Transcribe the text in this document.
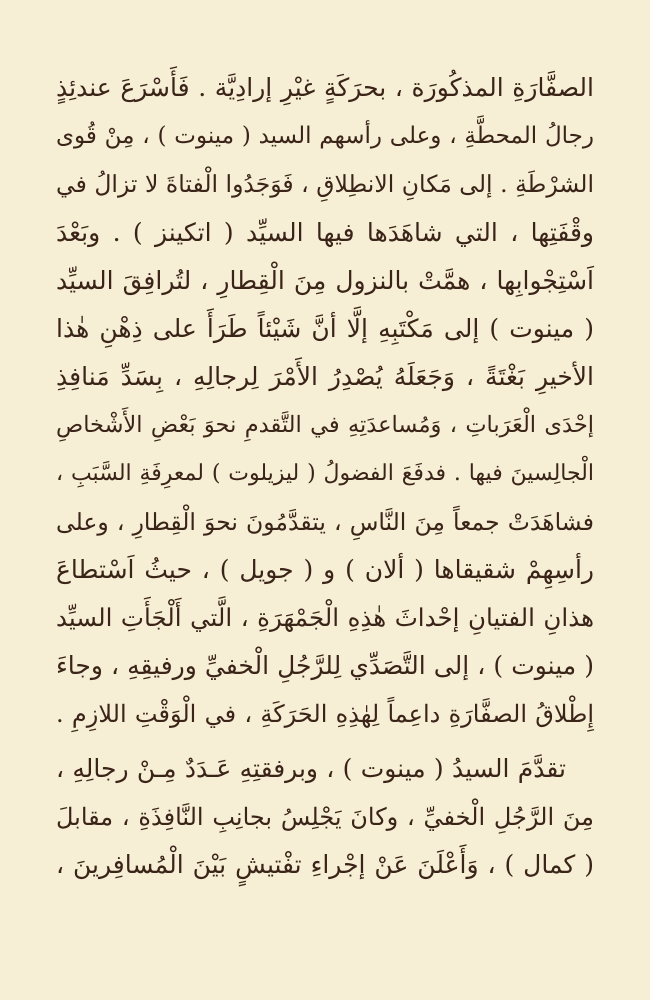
الصفَّارَةِ المذكُورَة ، بحرَكَةٍ غيْرِ إرادِيَّة . فَأَسْرَعَ عندئِذٍ
رجالُ المحطَّةِ ، وعلى رأسهم السيد ( مينوت ) ، مِنْ قُوى
الشرْطَةِ . إلى مَكانِ الانطِلاقِ ، فَوَجَدُوا الْفتاةَ لا تزالُ في
وقْفَتِها ، التي شاهَدَها فيها السيِّد ( اتكينز ) . وبَعْدَ
اَسْتِجْوابِها ، همَّتْ بالنزول مِنَ الْقِطارِ ، لتُرافِقَ السيِّد
( مينوت ) إلى مَكْتَبِهِ إلَّا أنَّ شَيْئاً طَرَأَ على ذِهْنِ هٰذا
الأخيرِ بَغْتَةً ، وَجَعَلَهُ يُصْدِرُ الأَمْرَ لِرجالِهِ ، بِسَدِّ مَنافِذِ
إحْدَى الْعَرَباتِ ، وَمُساعدَتِهِ في التَّقدمِ نحوَ بَعْضِ الأَشْخاصِ
الْجالِسينَ فيها . فدفَعَ الفضولُ ( ليزيلوت ) لمعرِفَةِ السَّبَبِ ،
فشاهَدَتْ جمعاً مِنَ النَّاسِ ، يتقدَّمُونَ نحوَ الْقِطارِ ، وعلى
رأسِهِمْ شقيقاها ( ألان ) و ( جويل ) ، حيثُ اَسْتطاعَ
هذانِ الفتيانِ إحْداثَ هٰذِهِ الْجَمْهَرَةِ ، الَّتي أَلْجَأَتِ السيِّد
( مينوت ) ، إلى التَّصَدِّي لِلرَّجُلِ الْخفيِّ ورفيقِهِ ، وجاءَ
إِطْلاقُ الصفَّارَةِ داعِماً لِهٰذِهِ الحَرَكَةِ ، في الْوَقْتِ اللازِمِ .
تقدَّمَ السيدُ ( مينوت ) ، وبرفقتِهِ عَـدَدٌ مِـنْ رجالِهِ ،
مِنَ الرَّجُلِ الْخفيِّ ، وكانَ يَجْلِسُ بجانِبِ النَّافِذَةِ ، مقابلَ
( كمال ) ، وَأَعْلَنَ عَنْ إجْراءِ تفْتيشٍ بَيْنَ الْمُسافِرينَ ،
